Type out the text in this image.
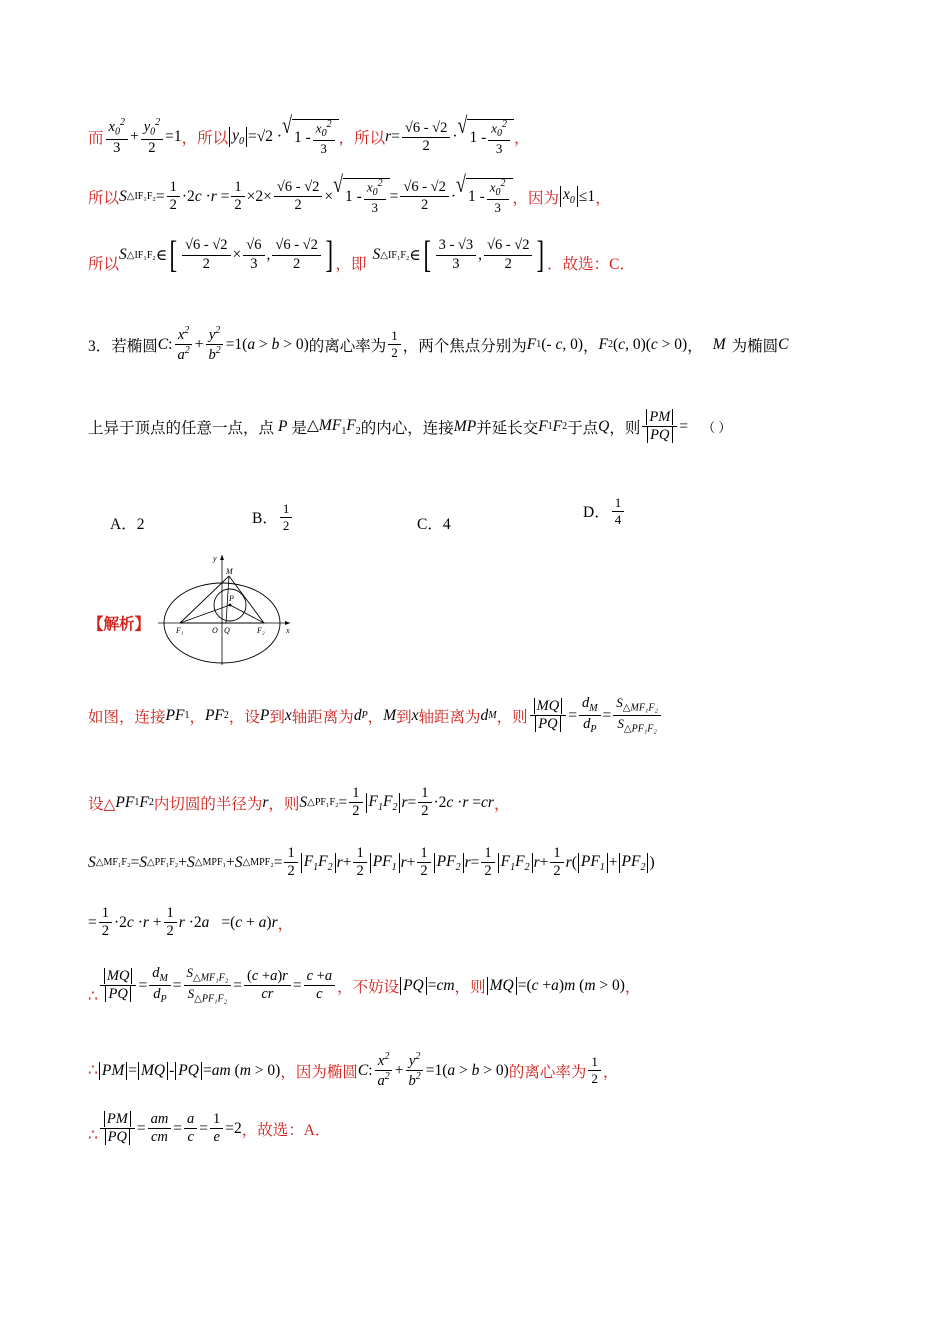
而 $\frac{x_0^2}{3} + \frac{y_0^2}{2} =1$ ，所以 $y_0 =√2$ · √ $1 - \frac{x_0^2}{3}$ ，所以 $r = \frac{√6 - √2}{2}$ · √ $1 - \frac{x_0^2}{3}$ ，
所以 S △IF₁F₂ = $\frac{1}{2} \cdot 2c \cdot r = \frac{1}{2} \times 2\times \frac{√6 - √2}{2}$ × √ $1 - \frac{x_0^2}{3} = \frac{√6 - √2}{2}$ · √ $1 - \frac{x_0^2}{3}$ ，因为 $x_0 \le 1$ ，
所以
S △IF₁F₂ ∈ [ $\frac{√6 - √2}{2} \times \frac{√6}{3}$ , $\frac{√6 - √2}{2}$ ] ，即
S △IF₁F₂ ∈ [ $\frac{3 - √3}{3}$ , $\frac{√6 - √2}{2}$ ] ．故选：C．
3． 若椭圆 C : $\frac{x^2}{a^2} + \frac{y^2}{b^2} =1(a > b > 0)$ 的离心率为 $\frac{1}{2}$ ，两个焦点分别为 F 1 (- c, 0) ， F 2 (c, 0)(c > 0) ， M 为椭圆 C
上异于顶点的任意一点，点 P 是 $\triangle MF_1F_2$ 的内心，连接 MP 并延长交 F 1 F 2 于点 Q ，则 $\frac{PM}{PQ}$ = （ ）
A．2	B． $\frac{1}{2}$	C．4
D． $\frac{1}{4}$
【解析】
y
x
M
P
O Q
F₁	F₂
如图，连接 PF 1 ， PF 2 ，设 P 到 x 轴距离为 d P ， M 到 x 轴距离为 d M ，则 $\frac{MQ}{PQ} = \frac{d_M}{d_P} = \frac{S_{\triangle MF_1F_2}}{S_{\triangle PF_1F_2}}$
设△ PF 1 F 2 内切圆的半径为 r ，则 S △PF₁F₂ = $\frac{1}{2} F_1F_2$ $r = \frac{1}{2} \cdot 2c \cdot r =cr$ ，
S △MF₁F₂ =S △PF₁F₂ +S △MPF₁ +S △MPF₂ = $\frac{1}{2} F_1F_2$ $r + \frac{1}{2} PF_1$ $r + \frac{1}{2} PF_2$ $r = \frac{1}{2} F_1F_2$ $r + \frac{1}{2}$ r ( $PF_1 + PF_2$ )
= $\frac{1}{2} \cdot 2c \cdot r + \frac{1}{2}$ r ·2a =(c + a)r ，
∴ $\frac{MQ}{PQ} = \frac{d_M}{d_P} = \frac{S_{\triangle MF_1F_2}}{S_{\triangle PF_1F_2}} = \frac{(c +a)r}{cr} = \frac{c +a}{c}$ ，不妨设 PQ =cm ，则 MQ =(c +a)m (m > 0) ，
∴ PM = MQ - PQ =am (m > 0) ，因为椭圆 C : $\frac{x^2}{a^2} + \frac{y^2}{b^2} =1(a > b > 0)$ 的离心率为 $\frac{1}{2}$ ，
∴ $\frac{PM}{PQ} = \frac{am}{cm} = \frac{a}{c} = \frac{1}{e} =2$ ，故选：A．
